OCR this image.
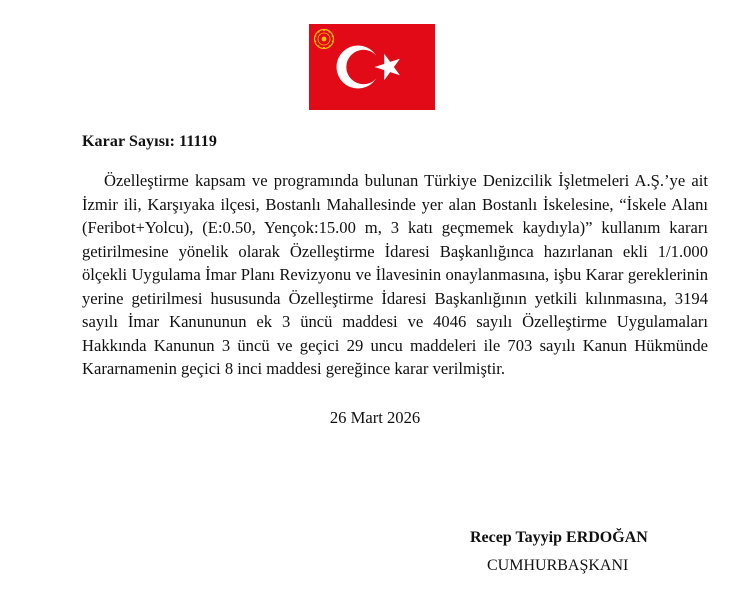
Karar Sayısı: 11119
Özelleştirme kapsam ve programında bulunan Türkiye Denizcilik İşletmeleri A.Ş.’ye ait İzmir ili, Karşıyaka ilçesi, Bostanlı Mahallesinde yer alan Bostanlı İskelesine, “İskele Alanı (Feribot+Yolcu), (E:0.50, Yençok:15.00 m, 3 katı geçmemek kaydıyla)” kullanım kararı getirilmesine yönelik olarak Özelleştirme İdaresi Başkanlığınca hazırlanan ekli 1/1.000 ölçekli Uygulama İmar Planı Revizyonu ve İlavesinin onaylanmasına, işbu Karar gereklerinin yerine getirilmesi hususunda Özelleştirme İdaresi Başkanlığının yetkili kılınmasına, 3194 sayılı İmar Kanununun ek 3 üncü maddesi ve 4046 sayılı Özelleştirme Uygulamaları Hakkında Kanunun 3 üncü ve geçici 29 uncu maddeleri ile 703 sayılı Kanun Hükmünde Kararnamenin geçici 8 inci maddesi gereğince karar verilmiştir.
26 Mart 2026
Recep Tayyip ERDOĞAN
CUMHURBAŞKANI
